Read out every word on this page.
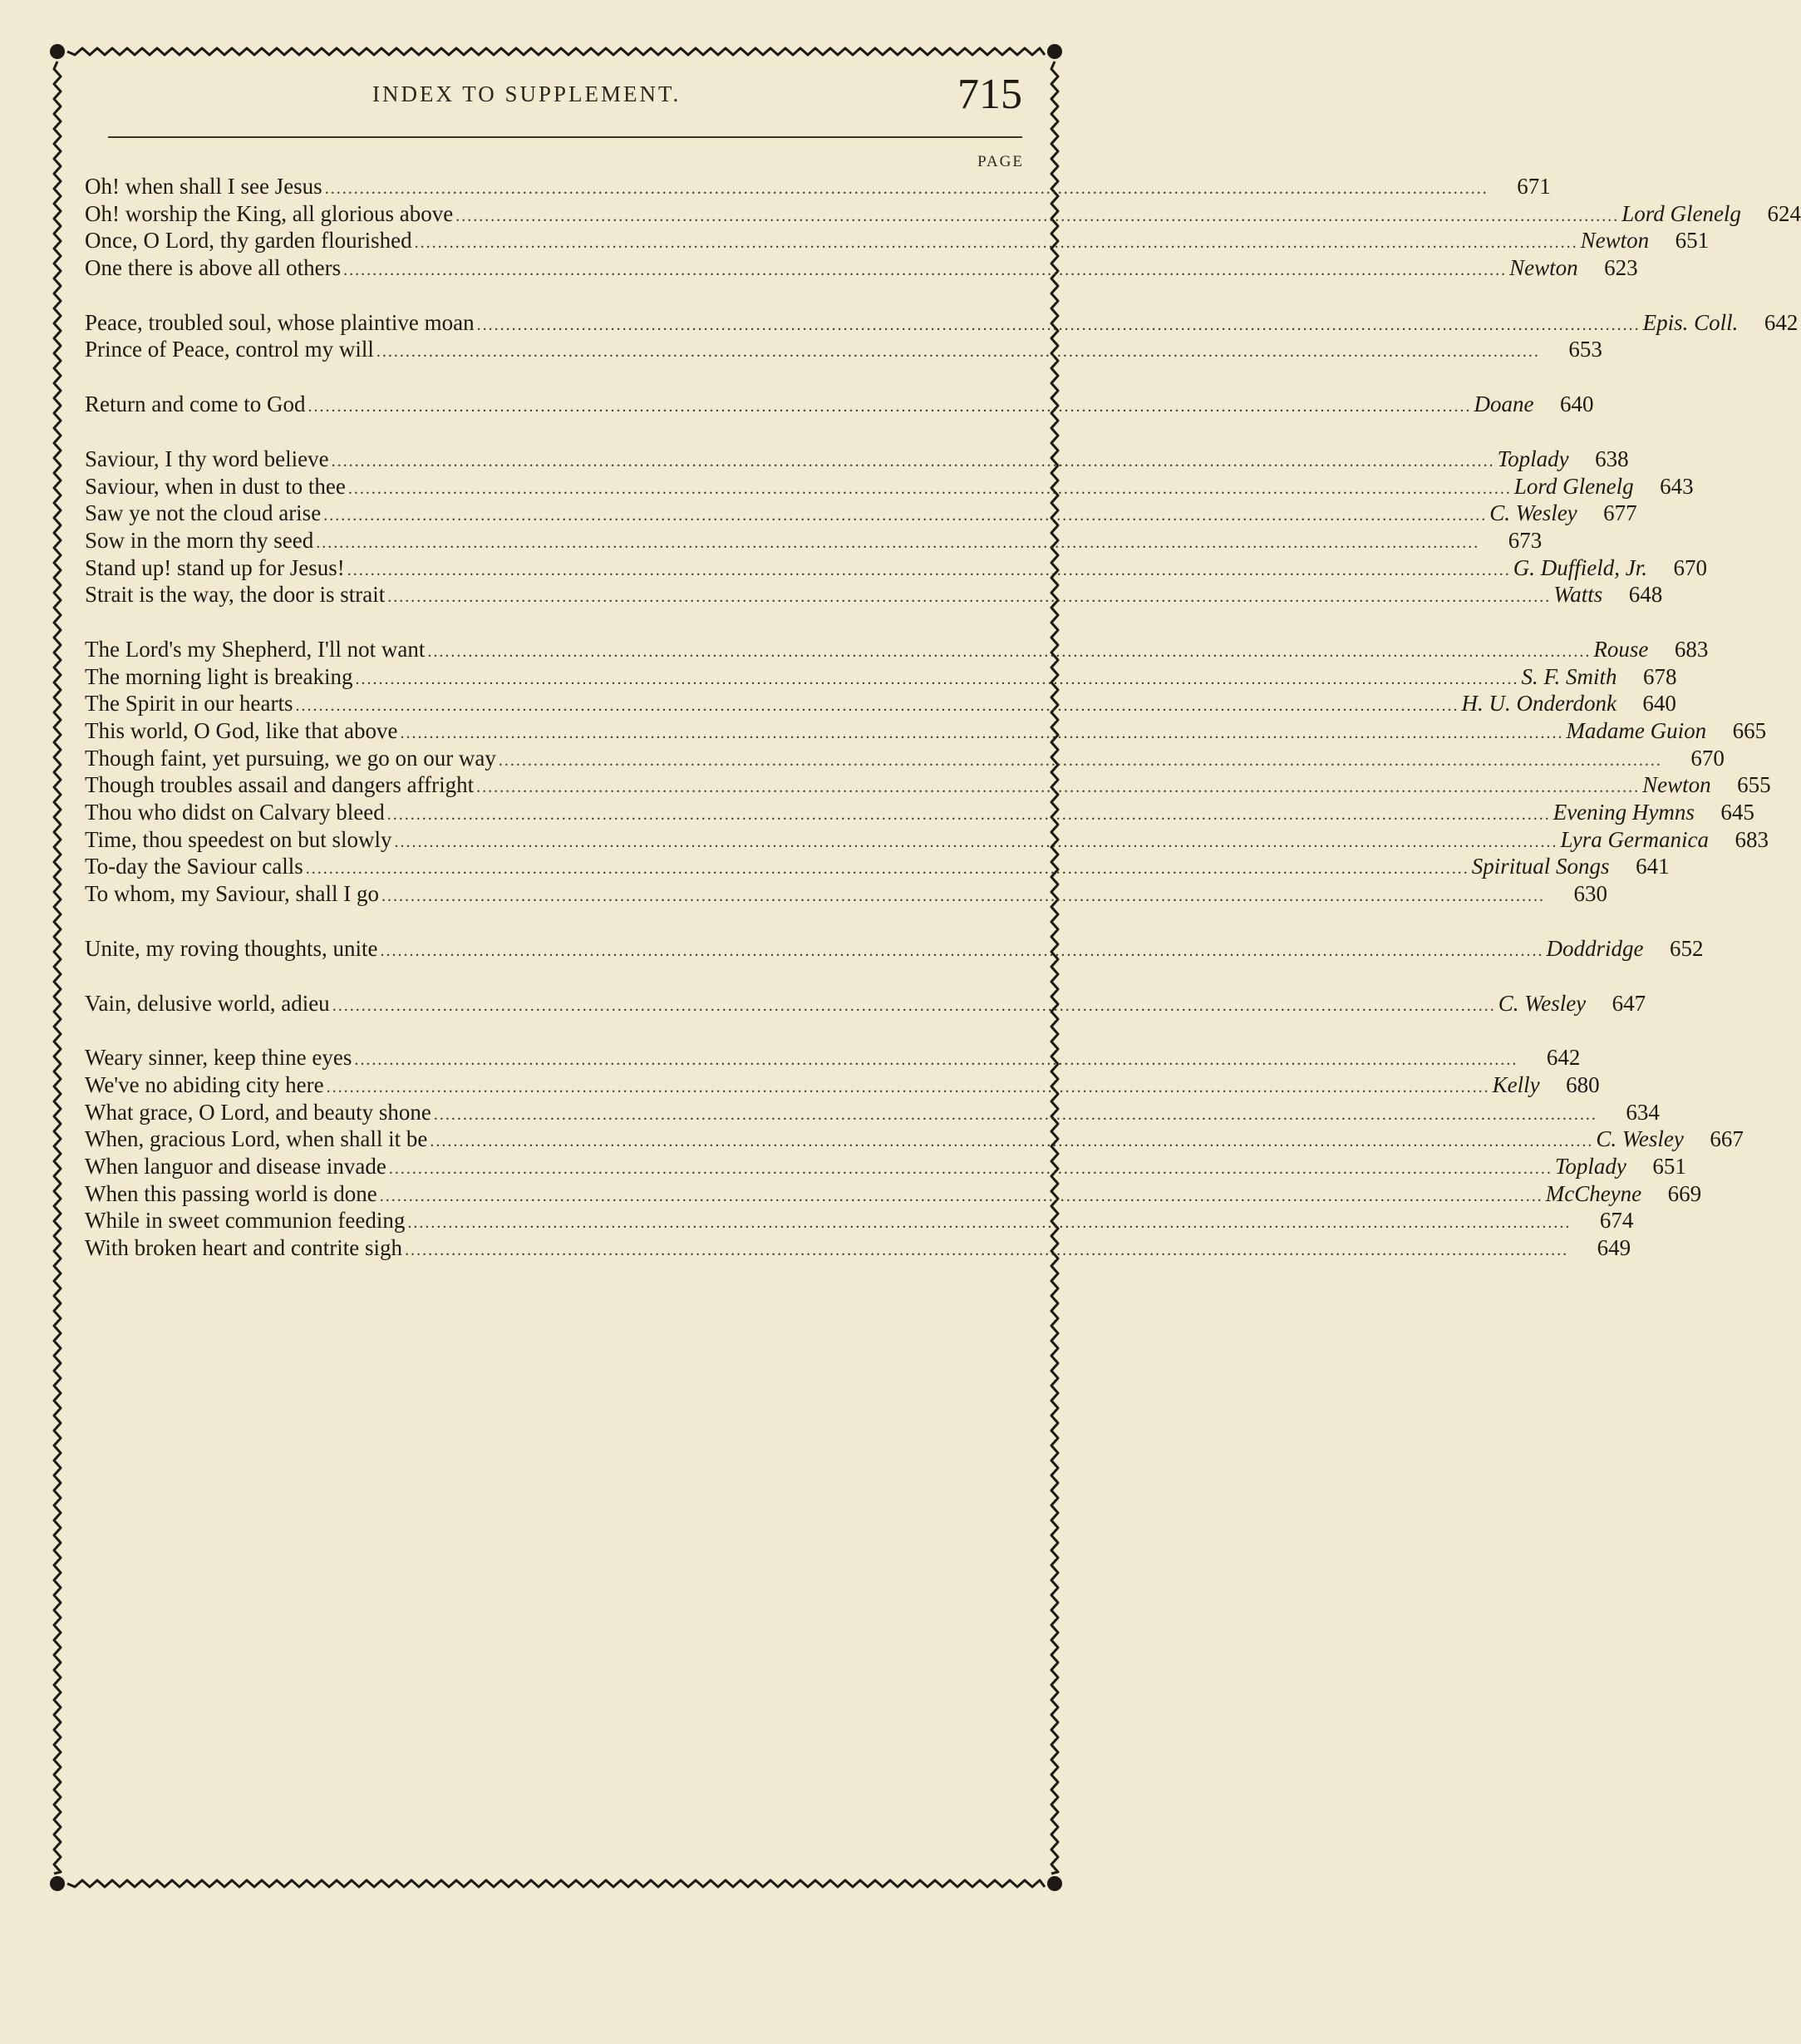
INDEX TO SUPPLEMENT.	715
PAGE
Oh! when shall I see Jesus ........................................................................................................................................................................................................	671
Oh! worship the King, all glorious above ........................................................................................................................................................................................................ Lord Glenelg	624
Once, O Lord, thy garden flourished ........................................................................................................................................................................................................ Newton	651
One there is above all others ........................................................................................................................................................................................................ Newton	623
Peace, troubled soul, whose plaintive moan ........................................................................................................................................................................................................ Epis. Coll.	642
Prince of Peace, control my will ........................................................................................................................................................................................................	653
Return and come to God ........................................................................................................................................................................................................ Doane	640
Saviour, I thy word believe ........................................................................................................................................................................................................ Toplady	638
Saviour, when in dust to thee ........................................................................................................................................................................................................ Lord Glenelg	643
Saw ye not the cloud arise ........................................................................................................................................................................................................ C. Wesley	677
Sow in the morn thy seed ........................................................................................................................................................................................................	673
Stand up! stand up for Jesus! ........................................................................................................................................................................................................ G. Duffield, Jr.	670
Strait is the way, the door is strait ........................................................................................................................................................................................................ Watts	648
The Lord's my Shepherd, I'll not want ........................................................................................................................................................................................................ Rouse	683
The morning light is breaking ........................................................................................................................................................................................................ S. F. Smith	678
The Spirit in our hearts ........................................................................................................................................................................................................ H. U. Onderdonk	640
This world, O God, like that above ........................................................................................................................................................................................................ Madame Guion	665
Though faint, yet pursuing, we go on our way ........................................................................................................................................................................................................	670
Though troubles assail and dangers affright ........................................................................................................................................................................................................ Newton	655
Thou who didst on Calvary bleed ........................................................................................................................................................................................................ Evening Hymns	645
Time, thou speedest on but slowly ........................................................................................................................................................................................................ Lyra Germanica	683
To-day the Saviour calls ........................................................................................................................................................................................................ Spiritual Songs	641
To whom, my Saviour, shall I go ........................................................................................................................................................................................................	630
Unite, my roving thoughts, unite ........................................................................................................................................................................................................ Doddridge	652
Vain, delusive world, adieu ........................................................................................................................................................................................................ C. Wesley	647
Weary sinner, keep thine eyes ........................................................................................................................................................................................................	642
We've no abiding city here ........................................................................................................................................................................................................ Kelly	680
What grace, O Lord, and beauty shone ........................................................................................................................................................................................................	634
When, gracious Lord, when shall it be ........................................................................................................................................................................................................ C. Wesley	667
When languor and disease invade ........................................................................................................................................................................................................ Toplady	651
When this passing world is done ........................................................................................................................................................................................................ McCheyne	669
While in sweet communion feeding ........................................................................................................................................................................................................	674
With broken heart and contrite sigh ........................................................................................................................................................................................................	649
